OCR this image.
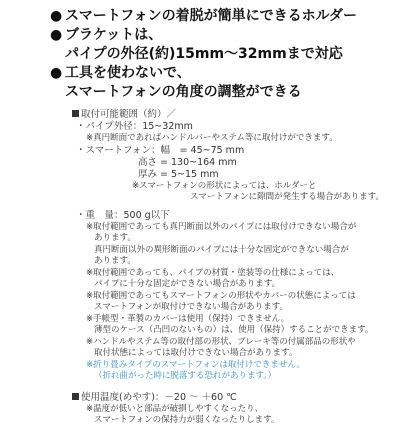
● スマートフォンの着脱が簡単にできるホルダー
● ブラケットは、
パイプの外径(約)15mm～32mmまで対応
● 工具を使わないで、
スマートフォンの角度の調整ができる
取付可能範囲（約）／
・パイプ外径：15~32mm
※真円断面であればハンドルバーやステム等に取付けができます。
・スマートフォン：幅　= 45~75 mm
高さ = 130~164 mm
厚み = 5~15 mm
※スマートフォンの形状によっては、ホルダーと
スマートフォンに隙間が発生する場合があります。
・重　量：500 g以下
※取付範囲であっても真円断面以外のパイプには取付けできない場合が
あります。
真円断面以外の異形断面のパイプには十分な固定ができない場合が
あります。
※取付範囲であっても、パイプの材質・塗装等の仕様によっては、
パイプに十分な固定ができない場合があります。
※取付範囲であってもスマートフォンの形状やカバーの状態によっては
スマートフォンが取付けできない場合があります。
※手帳型・革製のカバーは使用（保持）できません。
薄型のケース（凸凹のないもの）は、使用（保持）することができます。
※ハンドルやステム等の取付部の形状、ブレーキ等の付属部品の形状や
取付状態によっては取付けできない場合があります。
※折り畳みタイプのスマートフォンは取付けできません。
（折れ曲がった時に脱落する恐れがあります。）
使用温度(めやす)：－20 ～ ＋60 ℃
※温度が低いと部品が破損しやすくなったり、
スマートフォンの保持力が弱くなったりします。
